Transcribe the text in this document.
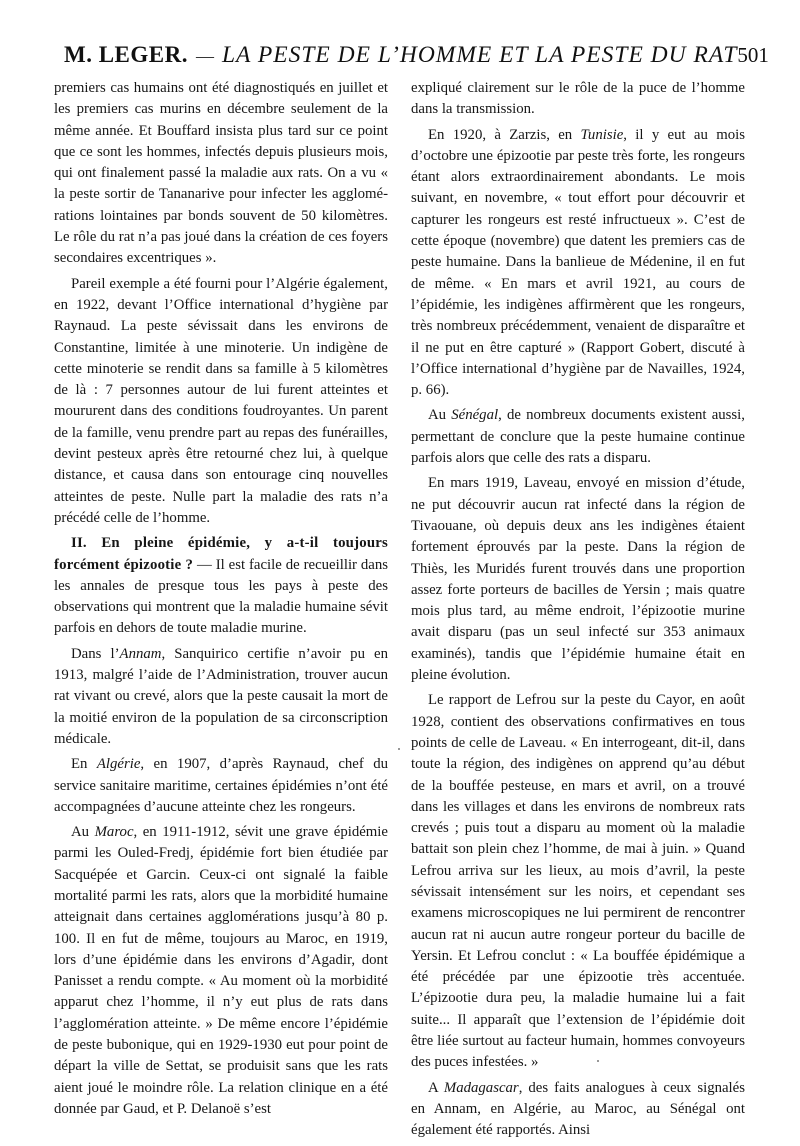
M. LEGER. — LA PESTE DE L’HOMME ET LA PESTE DU RAT 501

premiers cas humains ont été diagnostiqués en juillet et les premiers cas murins en décembre seulement de la même année. Et Bouffard insista plus tard sur ce point que ce sont les hommes, infectés depuis plusieurs mois, qui ont finalement passé la maladie aux rats. On a vu « la peste sortir de Tananarive pour infecter les agglomérations lointaines par bonds souvent de 50 kilomètres. Le rôle du rat n’a pas joué dans la création de ces foyers secondaires excentriques ».

Pareil exemple a été fourni pour l’Algérie également, en 1922, devant l’Office international d’hygiène par Raynaud. La peste sévissait dans les environs de Constantine, limitée à une minoterie. Un indigène de cette minoterie se rendit dans sa famille à 5 kilomètres de là : 7 personnes autour de lui furent atteintes et moururent dans des conditions foudroyantes. Un parent de la famille, venu prendre part au repas des funérailles, devint pesteux après être retourné chez lui, à quelque distance, et causa dans son entourage cinq nouvelles atteintes de peste. Nulle part la maladie des rats n’a précédé celle de l’homme.

II. En pleine épidémie, y a-t-il toujours forcément épizootie ? — Il est facile de recueillir dans les annales de presque tous les pays à peste des observations qui montrent que la maladie humaine sévit parfois en dehors de toute maladie murine.

Dans l’Annam, Sanquirico certifie n’avoir pu en 1913, malgré l’aide de l’Administration, trouver aucun rat vivant ou crevé, alors que la peste causait la mort de la moitié environ de la population de sa circonscription médicale.

En Algérie, en 1907, d’après Raynaud, chef du service sanitaire maritime, certaines épidémies n’ont été accompagnées d’aucune atteinte chez les rongeurs.

Au Maroc, en 1911-1912, sévit une grave épidémie parmi les Ouled-Fredj, épidémie fort bien étudiée par Sacquépée et Garcin. Ceux-ci ont signalé la faible mortalité parmi les rats, alors que la morbidité humaine atteignait dans certaines agglomérations jusqu’à 80 p. 100. Il en fut de même, toujours au Maroc, en 1919, lors d’une épidémie dans les environs d’Agadir, dont Panisset a rendu compte. « Au moment où la morbidité apparut chez l’homme, il n’y eut plus de rats dans l’agglomération atteinte. » De même encore l’épidémie de peste bubonique, qui en 1929-1930 eut pour point de départ la ville de Settat, se produisit sans que les rats aient joué le moindre rôle. La relation clinique en a été donnée par Gaud, et P. Delanoë s’est

expliqué clairement sur le rôle de la puce de l’homme dans la transmission.

En 1920, à Zarzis, en Tunisie, il y eut au mois d’octobre une épizootie par peste très forte, les rongeurs étant alors extraordinairement abondants. Le mois suivant, en novembre, « tout effort pour découvrir et capturer les rongeurs est resté infructueux ». C’est de cette époque (novembre) que datent les premiers cas de peste humaine. Dans la banlieue de Médenine, il en fut de même. « En mars et avril 1921, au cours de l’épidémie, les indigènes affirmèrent que les rongeurs, très nombreux précédemment, venaient de disparaître et il ne put en être capturé » (Rapport Gobert, discuté à l’Office international d’hygiène par de Navailles, 1924, p. 66).

Au Sénégal, de nombreux documents existent aussi, permettant de conclure que la peste humaine continue parfois alors que celle des rats a disparu.

En mars 1919, Laveau, envoyé en mission d’étude, ne put découvrir aucun rat infecté dans la région de Tivaouane, où depuis deux ans les indigènes étaient fortement éprouvés par la peste. Dans la région de Thiès, les Muridés furent trouvés dans une proportion assez forte porteurs de bacilles de Yersin ; mais quatre mois plus tard, au même endroit, l’épizootie murine avait disparu (pas un seul infecté sur 353 animaux examinés), tandis que l’épidémie humaine était en pleine évolution.

Le rapport de Lefrou sur la peste du Cayor, en août 1928, contient des observations confirmatives en tous points de celle de Laveau. « En interrogeant, dit-il, dans toute la région, des indigènes on apprend qu’au début de la bouffée pesteuse, en mars et avril, on a trouvé dans les villages et dans les environs de nombreux rats crevés ; puis tout a disparu au moment où la maladie battait son plein chez l’homme, de mai à juin. » Quand Lefrou arriva sur les lieux, au mois d’avril, la peste sévissait intensément sur les noirs, et cependant ses examens microscopiques ne lui permirent de rencontrer aucun rat ni aucun autre rongeur porteur du bacille de Yersin. Et Lefrou conclut : « La bouffée épidémique a été précédée par une épizootie très accentuée. L’épizootie dura peu, la maladie humaine lui a fait suite... Il apparaît que l’extension de l’épidémie doit être liée surtout au facteur humain, hommes convoyeurs des puces infestées. »

A Madagascar, des faits analogues à ceux signalés en Annam, en Algérie, au Maroc, au Sénégal ont également été rapportés. Ainsi
